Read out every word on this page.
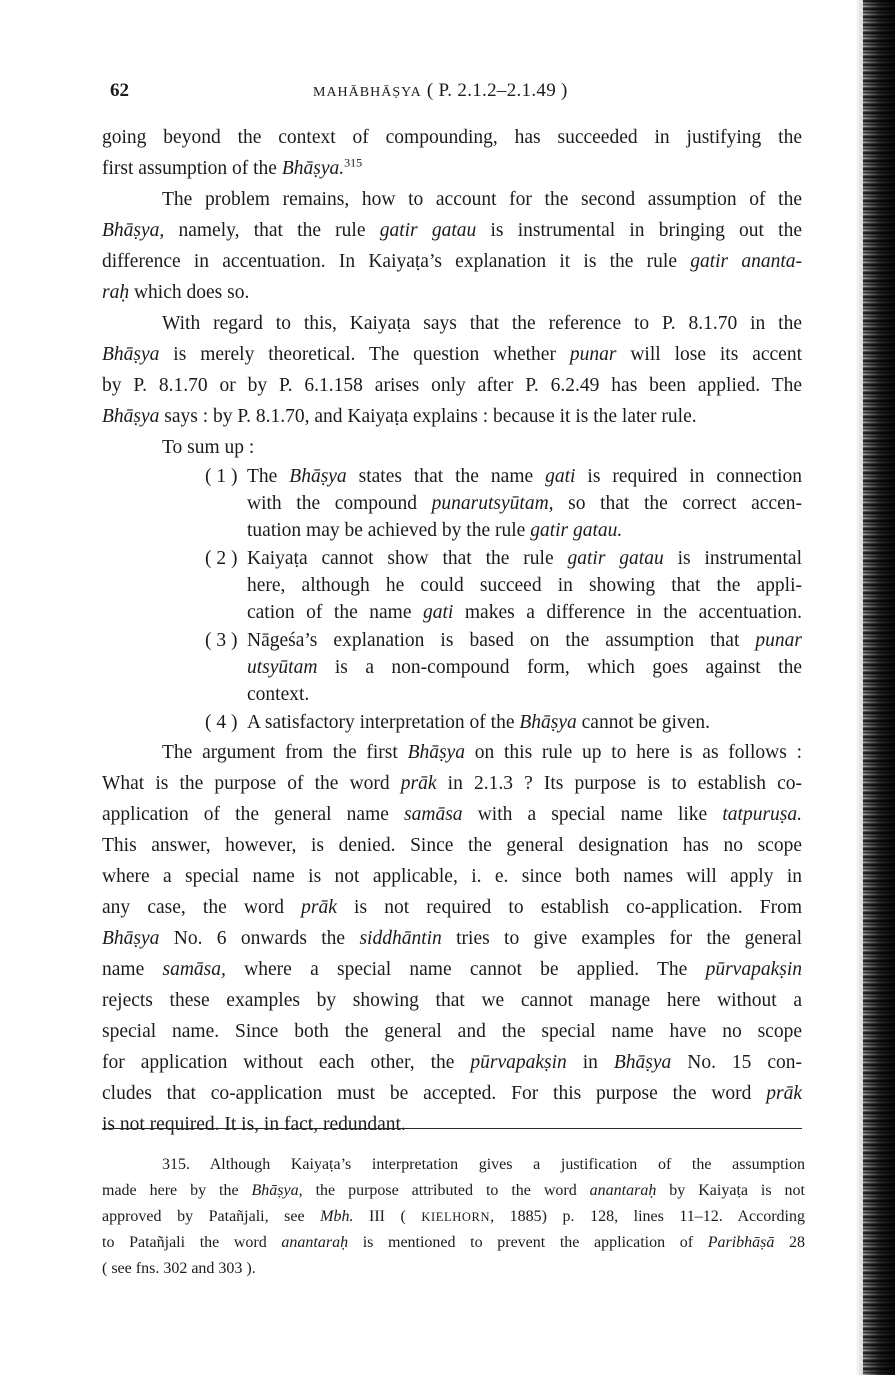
62	MAHĀBHĀṢYA ( P. 2.1.2–2.1.49 )
going beyond the context of compounding, has succeeded in justifying the
first assumption of the Bhāṣya.$^{315}$
The problem remains, how to account for the second assumption of the
Bhāṣya, namely, that the rule gatir gatau is instrumental in bringing out the
difference in accentuation. In Kaiyaṭa’s explanation it is the rule gatir ananta-
raḥ which does so.
With regard to this, Kaiyaṭa says that the reference to P. 8.1.70 in the
Bhāṣya is merely theoretical. The question whether punar will lose its accent
by P. 8.1.70 or by P. 6.1.158 arises only after P. 6.2.49 has been applied. The
Bhāṣya says : by P. 8.1.70, and Kaiyaṭa explains : because it is the later rule.
To sum up :
( 1 ) The Bhāṣya states that the name gati is required in connection
with the compound punarutsyūtam, so that the correct accen-
tuation may be achieved by the rule gatir gatau.
( 2 ) Kaiyaṭa cannot show that the rule gatir gatau is instrumental
here, although he could succeed in showing that the appli-
cation of the name gati makes a difference in the accentuation.
( 3 ) Nāgeśa’s explanation is based on the assumption that punar
utsyūtam is a non-compound form, which goes against the
context.
( 4 ) A satisfactory interpretation of the Bhāṣya cannot be given.
The argument from the first Bhāṣya on this rule up to here is as follows :
What is the purpose of the word prāk in 2.1.3 ? Its purpose is to establish co-
application of the general name samāsa with a special name like tatpuruṣa.
This answer, however, is denied. Since the general designation has no scope
where a special name is not applicable, i. e. since both names will apply in
any case, the word prāk is not required to establish co-application. From
Bhāṣya No. 6 onwards the siddhāntin tries to give examples for the general
name samāsa, where a special name cannot be applied. The pūrvapakṣin
rejects these examples by showing that we cannot manage here without a
special name. Since both the general and the special name have no scope
for application without each other, the pūrvapakṣin in Bhāṣya No. 15 con-
cludes that co-application must be accepted. For this purpose the word prāk
is not required. It is, in fact, redundant.
315. Although Kaiyaṭa’s interpretation gives a justification of the assumption
made here by the Bhāṣya, the purpose attributed to the word anantaraḥ by Kaiyaṭa is not
approved by Patañjali, see Mbh. III ( KIELHORN, 1885) p. 128, lines 11–12. According
to Patañjali the word anantaraḥ is mentioned to prevent the application of Paribhāṣā 28
( see fns. 302 and 303 ).
